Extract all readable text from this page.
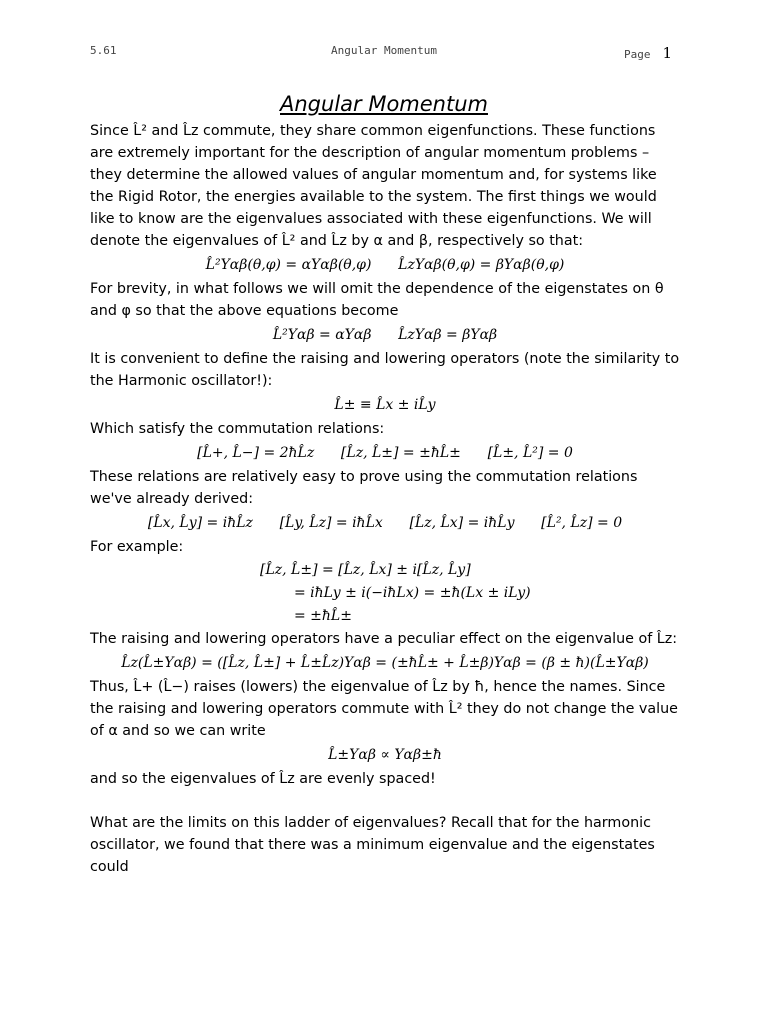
5.61	Angular Momentum	Page 1
Angular Momentum

Since L̂² and L̂z commute, they share common eigenfunctions. These functions are extremely important for the description of angular momentum problems – they determine the allowed values of angular momentum and, for systems like the Rigid Rotor, the energies available to the system. The first things we would like to know are the eigenvalues associated with these eigenfunctions. We will denote the eigenvalues of L̂² and L̂z by α and β, respectively so that:

L̂²Yαβ(θ,φ) = αYαβ(θ,φ)      L̂zYαβ(θ,φ) = βYαβ(θ,φ)

For brevity, in what follows we will omit the dependence of the eigenstates on θ and φ so that the above equations become

L̂²Yαβ = αYαβ      L̂zYαβ = βYαβ

It is convenient to define the raising and lowering operators (note the similarity to the Harmonic oscillator!):

L̂± ≡ L̂x ± iL̂y

Which satisfy the commutation relations:

[L̂+, L̂−] = 2ħL̂z      [L̂z, L̂±] = ±ħL̂±      [L̂±, L̂²] = 0

These relations are relatively easy to prove using the commutation relations we've already derived:

[L̂x, L̂y] = iħL̂z      [L̂y, L̂z] = iħL̂x      [L̂z, L̂x] = iħL̂y      [L̂², L̂z] = 0

For example:

[L̂z, L̂±] = [L̂z, L̂x] ± i[L̂z, L̂y]
= iħLy ± i(−iħLx) = ±ħ(Lx ± iLy)
= ±ħL̂±

The raising and lowering operators have a peculiar effect on the eigenvalue of L̂z:

L̂z(L̂±Yαβ) = ([L̂z, L̂±] + L̂±L̂z)Yαβ = (±ħL̂± + L̂±β)Yαβ = (β ± ħ)(L̂±Yαβ)

Thus, L̂+ (L̂−) raises (lowers) the eigenvalue of L̂z by ħ, hence the names. Since the raising and lowering operators commute with L̂² they do not change the value of α and so we can write

L̂±Yαβ ∝ Yαβ±ħ

and so the eigenvalues of L̂z are evenly spaced!

What are the limits on this ladder of eigenvalues? Recall that for the harmonic oscillator, we found that there was a minimum eigenvalue and the eigenstates could
